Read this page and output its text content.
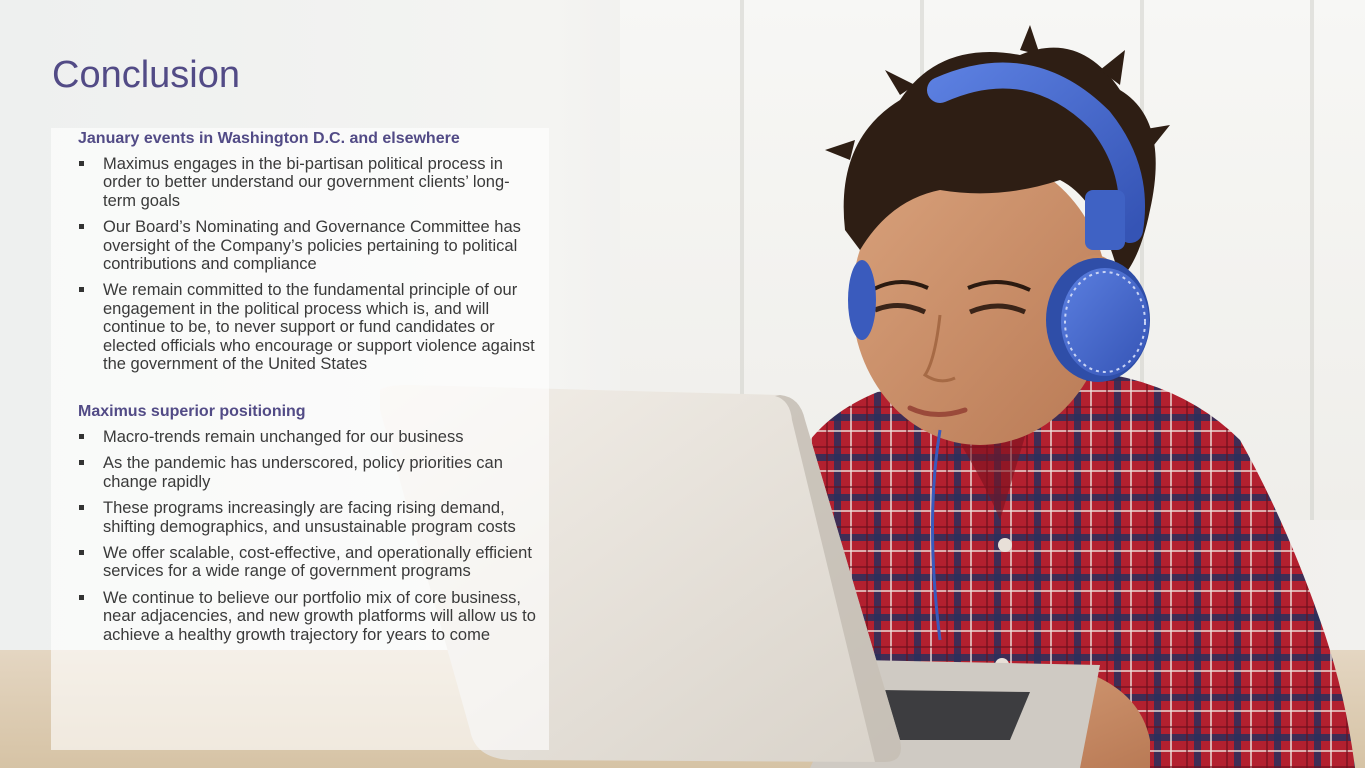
Conclusion
January events in Washington D.C. and elsewhere
Maximus engages in the bi-partisan political process in order to better understand our government clients’ long-term goals
Our Board’s Nominating and Governance Committee has oversight of the Company’s policies pertaining to political contributions and compliance
We remain committed to the fundamental principle of our engagement in the political process which is, and will continue to be, to never support or fund candidates or elected officials who encourage or support violence against the government of the United States
Maximus superior positioning
Macro-trends remain unchanged for our business
As the pandemic has underscored, policy priorities can change rapidly
These programs increasingly are facing rising demand, shifting demographics, and unsustainable program costs
We offer scalable, cost-effective, and operationally efficient services for a wide range of government programs
We continue to believe our portfolio mix of core business, near adjacencies, and new growth platforms will allow us to achieve a healthy growth trajectory for years to come
